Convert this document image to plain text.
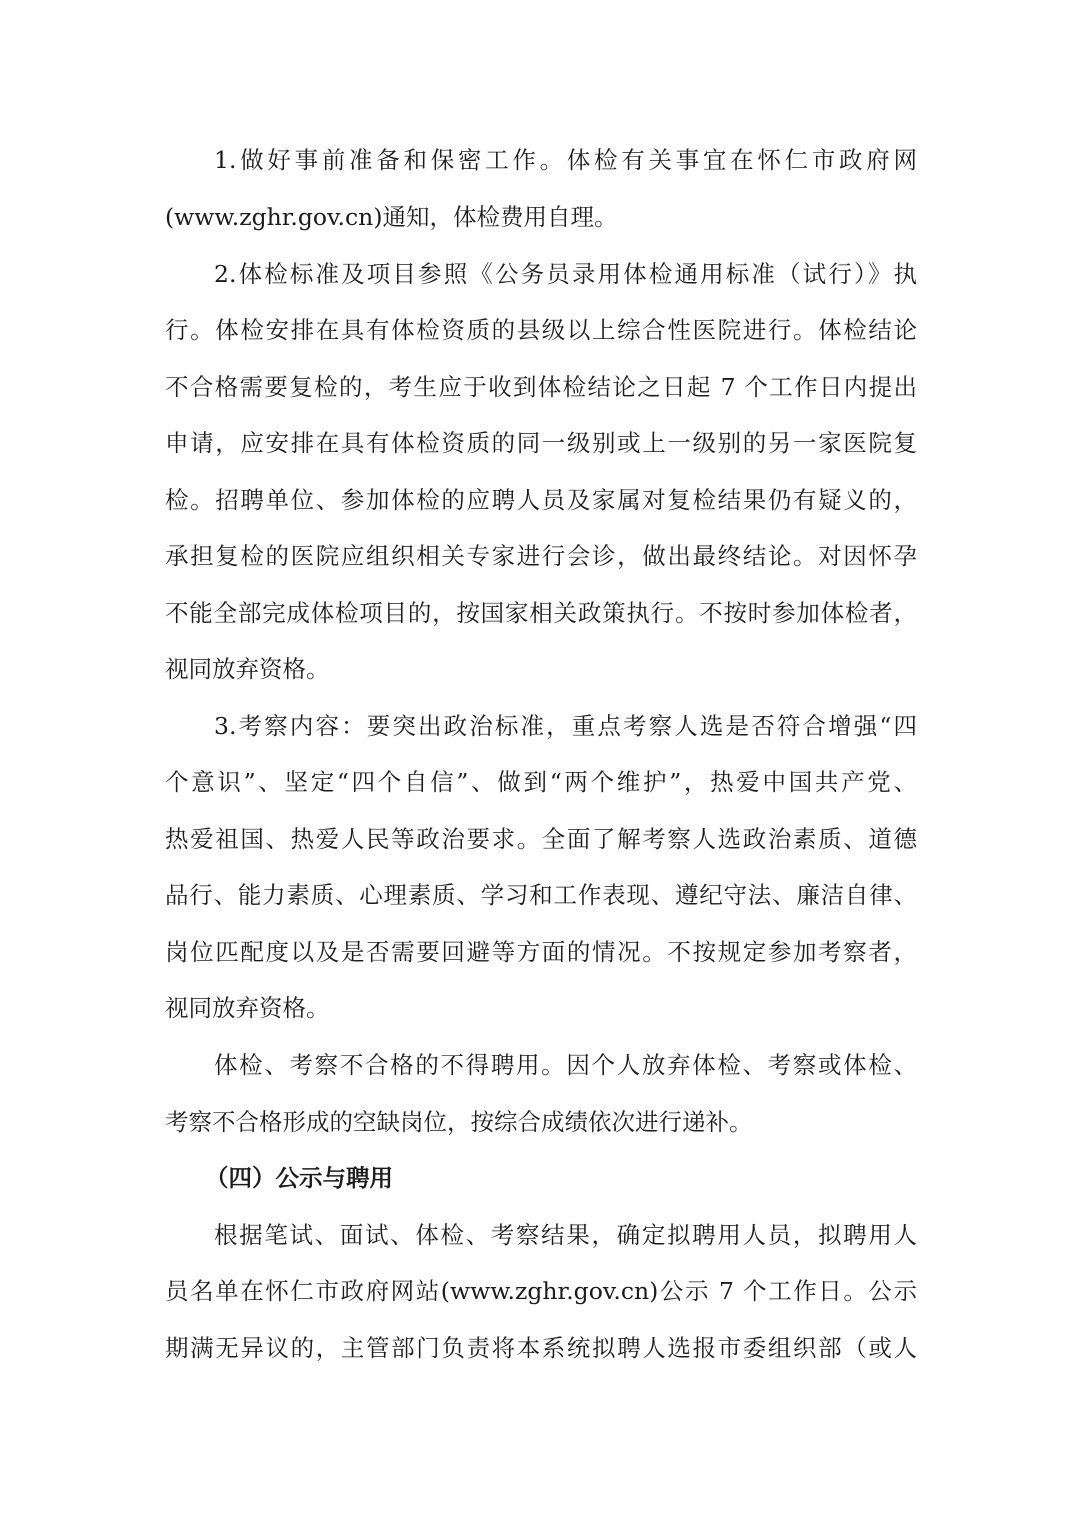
1.做好事前准备和保密工作。体检有关事宜在怀仁市政府网
(www.zghr.gov.cn)通知，体检费用自理。
2.体检标准及项目参照《公务员录用体检通用标准（试行）》执
行。体检安排在具有体检资质的县级以上综合性医院进行。体检结论
不合格需要复检的，考生应于收到体检结论之日起 7 个工作日内提出
申请，应安排在具有体检资质的同一级别或上一级别的另一家医院复
检。招聘单位、参加体检的应聘人员及家属对复检结果仍有疑义的，
承担复检的医院应组织相关专家进行会诊，做出最终结论。对因怀孕
不能全部完成体检项目的，按国家相关政策执行。不按时参加体检者，
视同放弃资格。
3.考察内容：要突出政治标准，重点考察人选是否符合增强“四
个意识”、坚定“四个自信”、做到“两个维护”，热爱中国共产党、
热爱祖国、热爱人民等政治要求。全面了解考察人选政治素质、道德
品行、能力素质、心理素质、学习和工作表现、遵纪守法、廉洁自律、
岗位匹配度以及是否需要回避等方面的情况。不按规定参加考察者，
视同放弃资格。
体检、考察不合格的不得聘用。因个人放弃体检、考察或体检、
考察不合格形成的空缺岗位，按综合成绩依次进行递补。
（四）公示与聘用
根据笔试、面试、体检、考察结果，确定拟聘用人员，拟聘用人
员名单在怀仁市政府网站(www.zghr.gov.cn)公示 7 个工作日。公示
期满无异议的，主管部门负责将本系统拟聘人选报市委组织部（或人
